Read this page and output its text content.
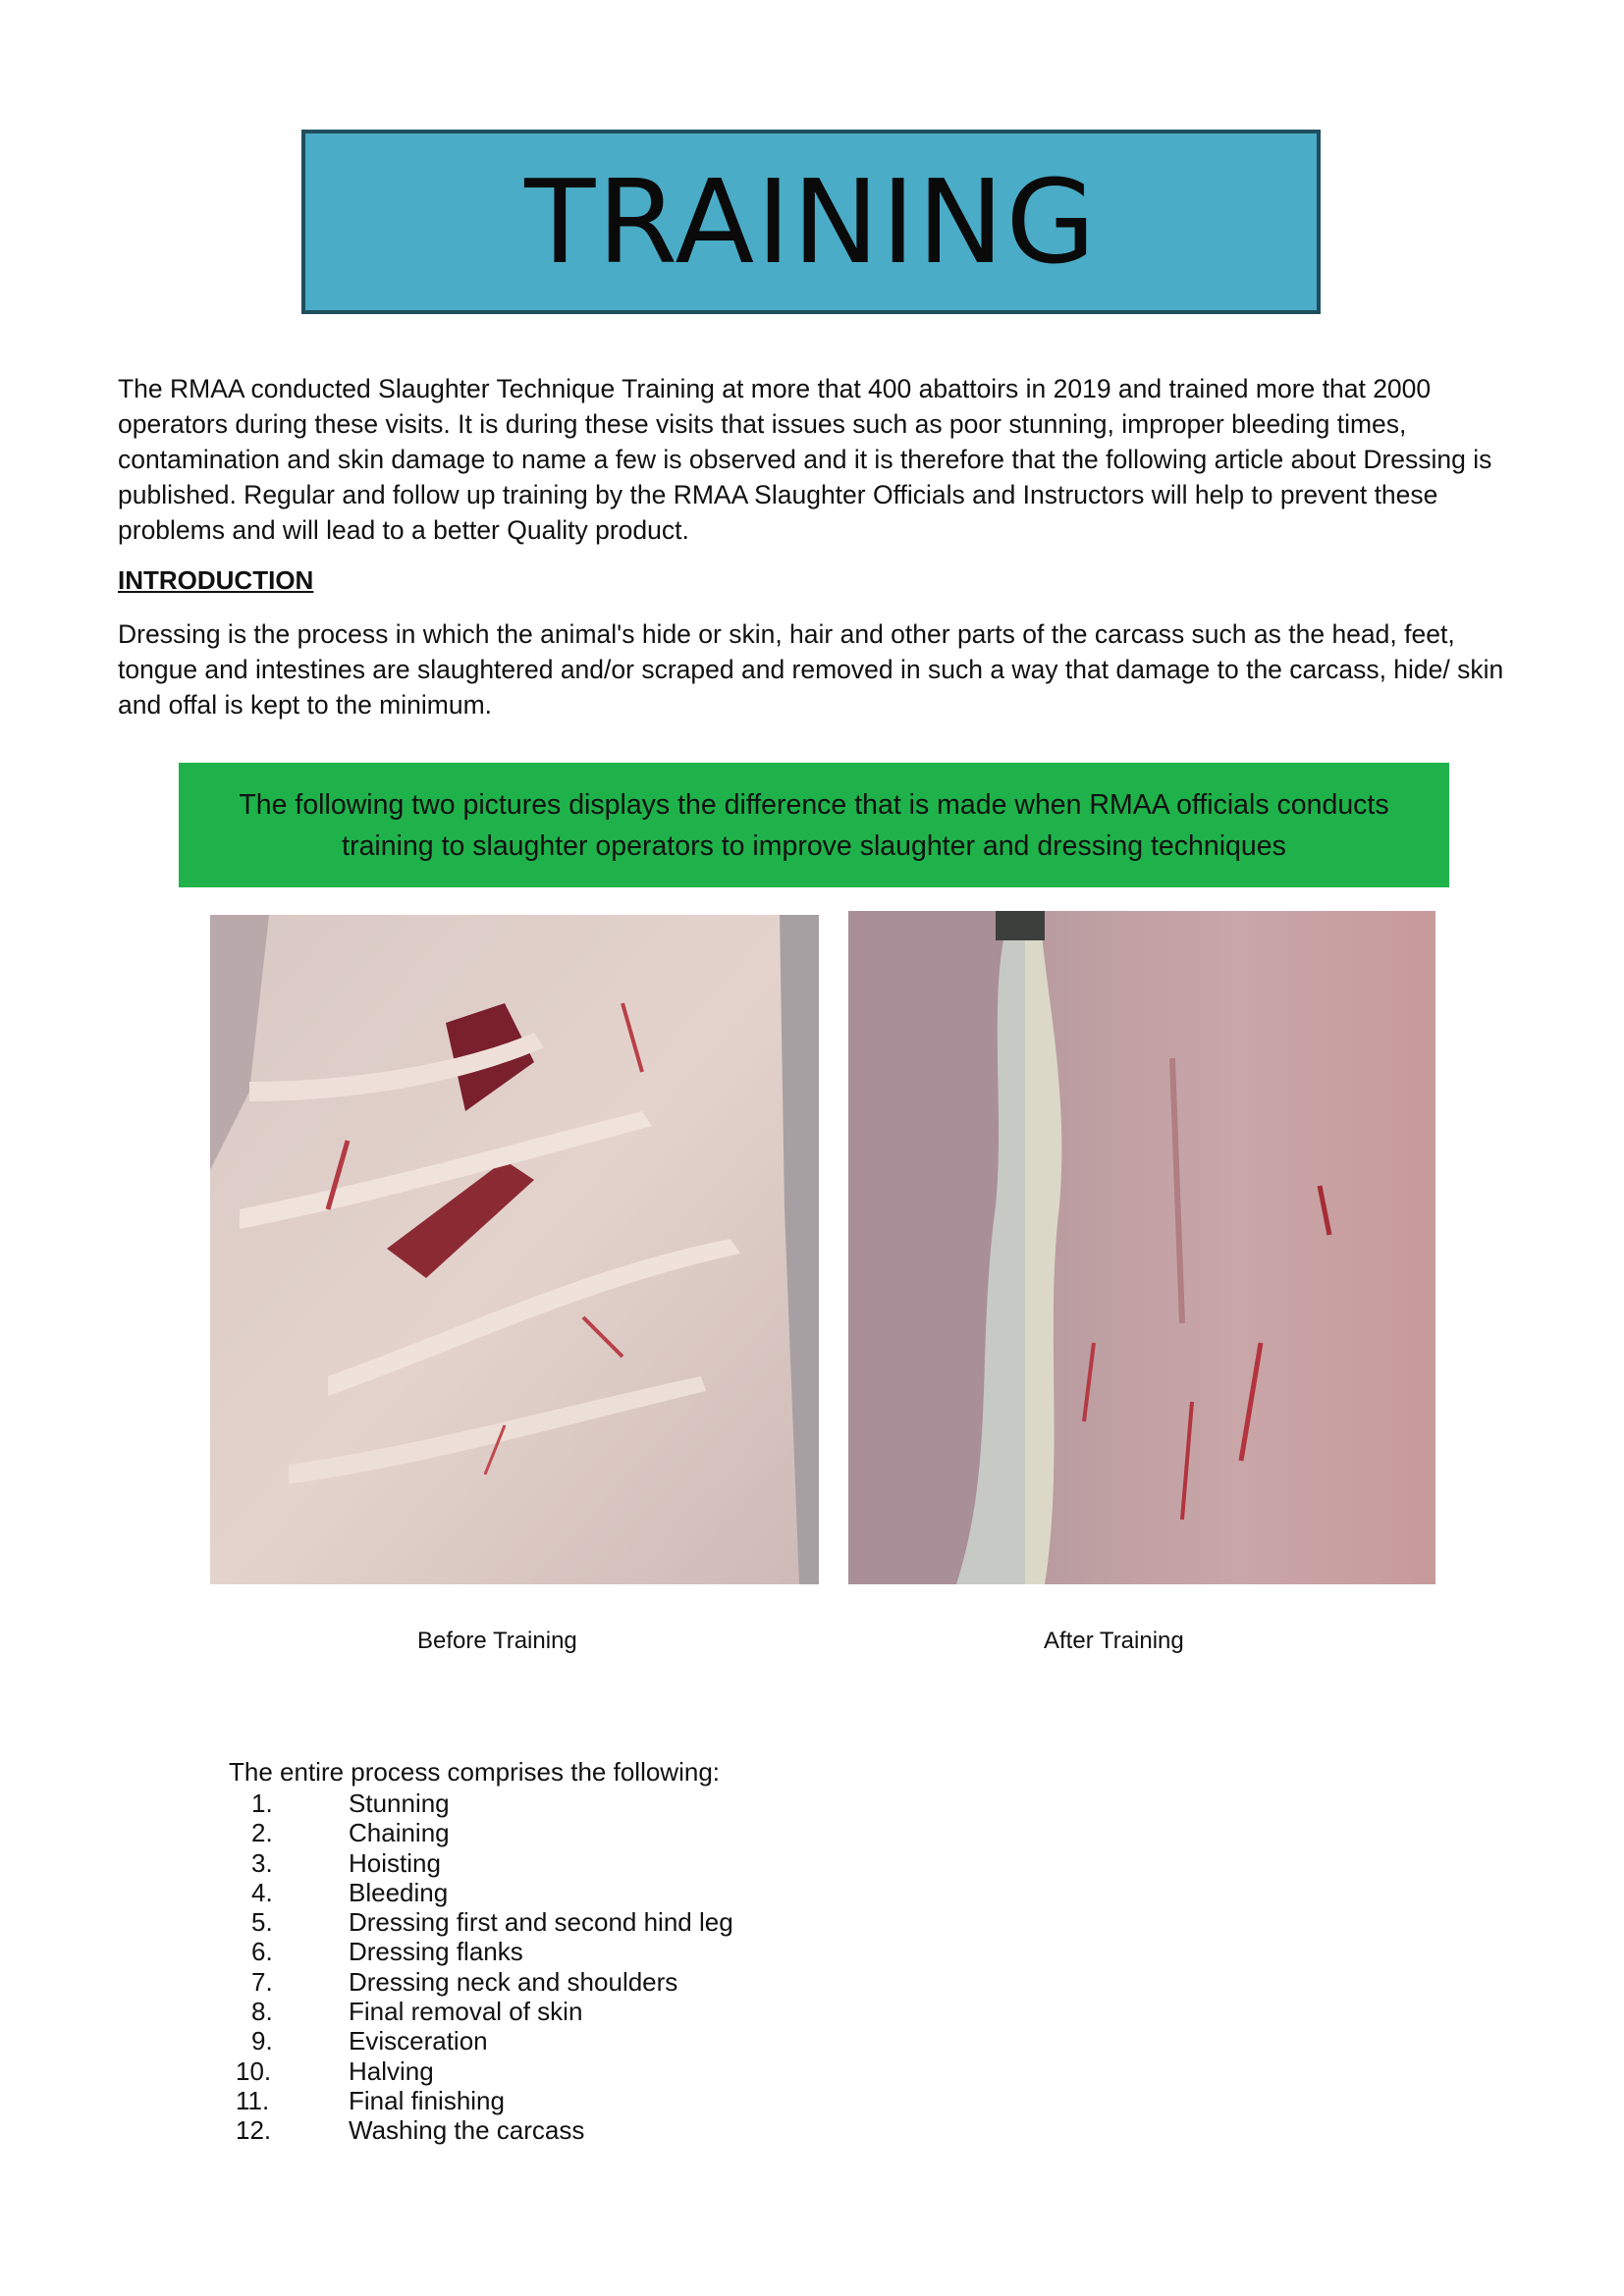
TRAINING

The RMAA conducted Slaughter Technique Training at more that 400 abattoirs in 2019 and trained more that 2000 operators during these visits. It is during these visits that issues such as poor stunning, improper bleeding times, contamination and skin damage to name a few is observed and it is therefore that the following article about Dressing is published. Regular and follow up training by the RMAA Slaughter Officials and Instructors will help to prevent these problems and will lead to a better Quality product.

INTRODUCTION

Dressing is the process in which the animal's hide or skin, hair and other parts of the carcass such as the head, feet, tongue and intestines are slaughtered and/or scraped and removed in such a way that damage to the carcass, hide/ skin and offal is kept to the minimum.

The following two pictures displays the difference that is made when RMAA officials conducts training to slaughter operators to improve slaughter and dressing techniques
Before Training	After Training

The entire process comprises the following:

1.	Stunning
2.	Chaining
3.	Hoisting
4.	Bleeding
5.	Dressing first and second hind leg
6.	Dressing flanks
7.	Dressing neck and shoulders
8.	Final removal of skin
9.	Evisceration
10.	Halving
11.	Final finishing
12.	Washing the carcass
